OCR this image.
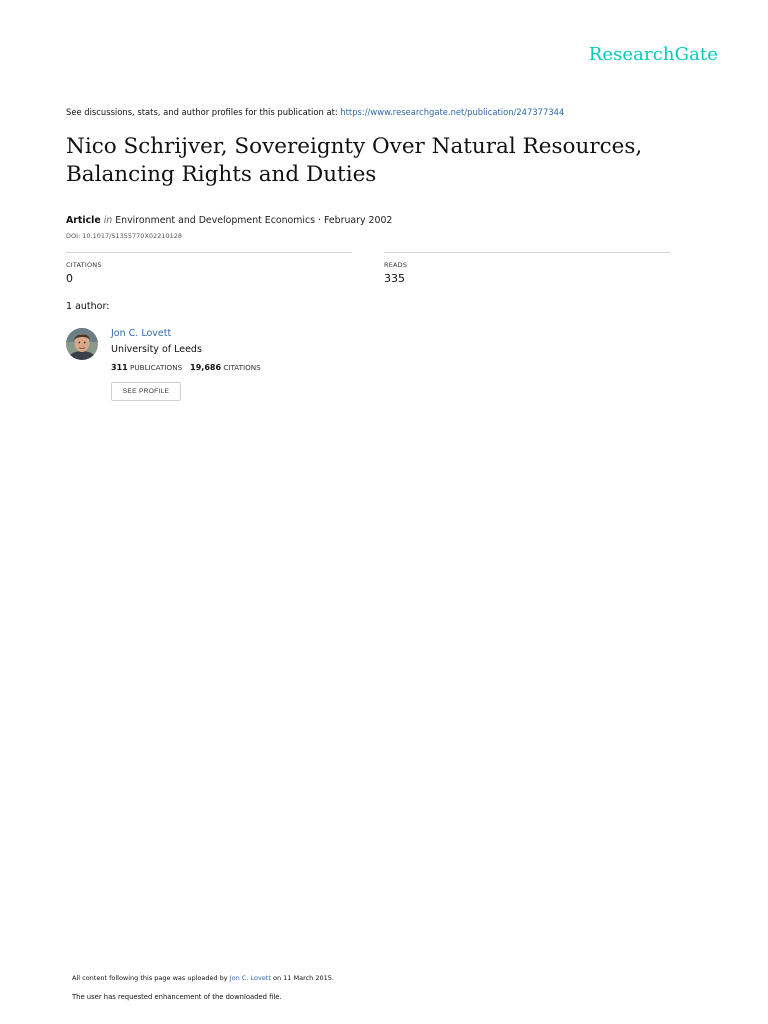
ResearchGate
See discussions, stats, and author profiles for this publication at: https://www.researchgate.net/publication/247377344
Nico Schrijver, Sovereignty Over Natural Resources, Balancing Rights and Duties
Article in Environment and Development Economics · February 2002
DOI: 10.1017/S1355770X02210128
CITATIONS
0
READS
335
1 author:
Jon C. Lovett
University of Leeds
311 PUBLICATIONS 19,686 CITATIONS
SEE PROFILE
All content following this page was uploaded by Jon C. Lovett on 11 March 2015.
The user has requested enhancement of the downloaded file.
